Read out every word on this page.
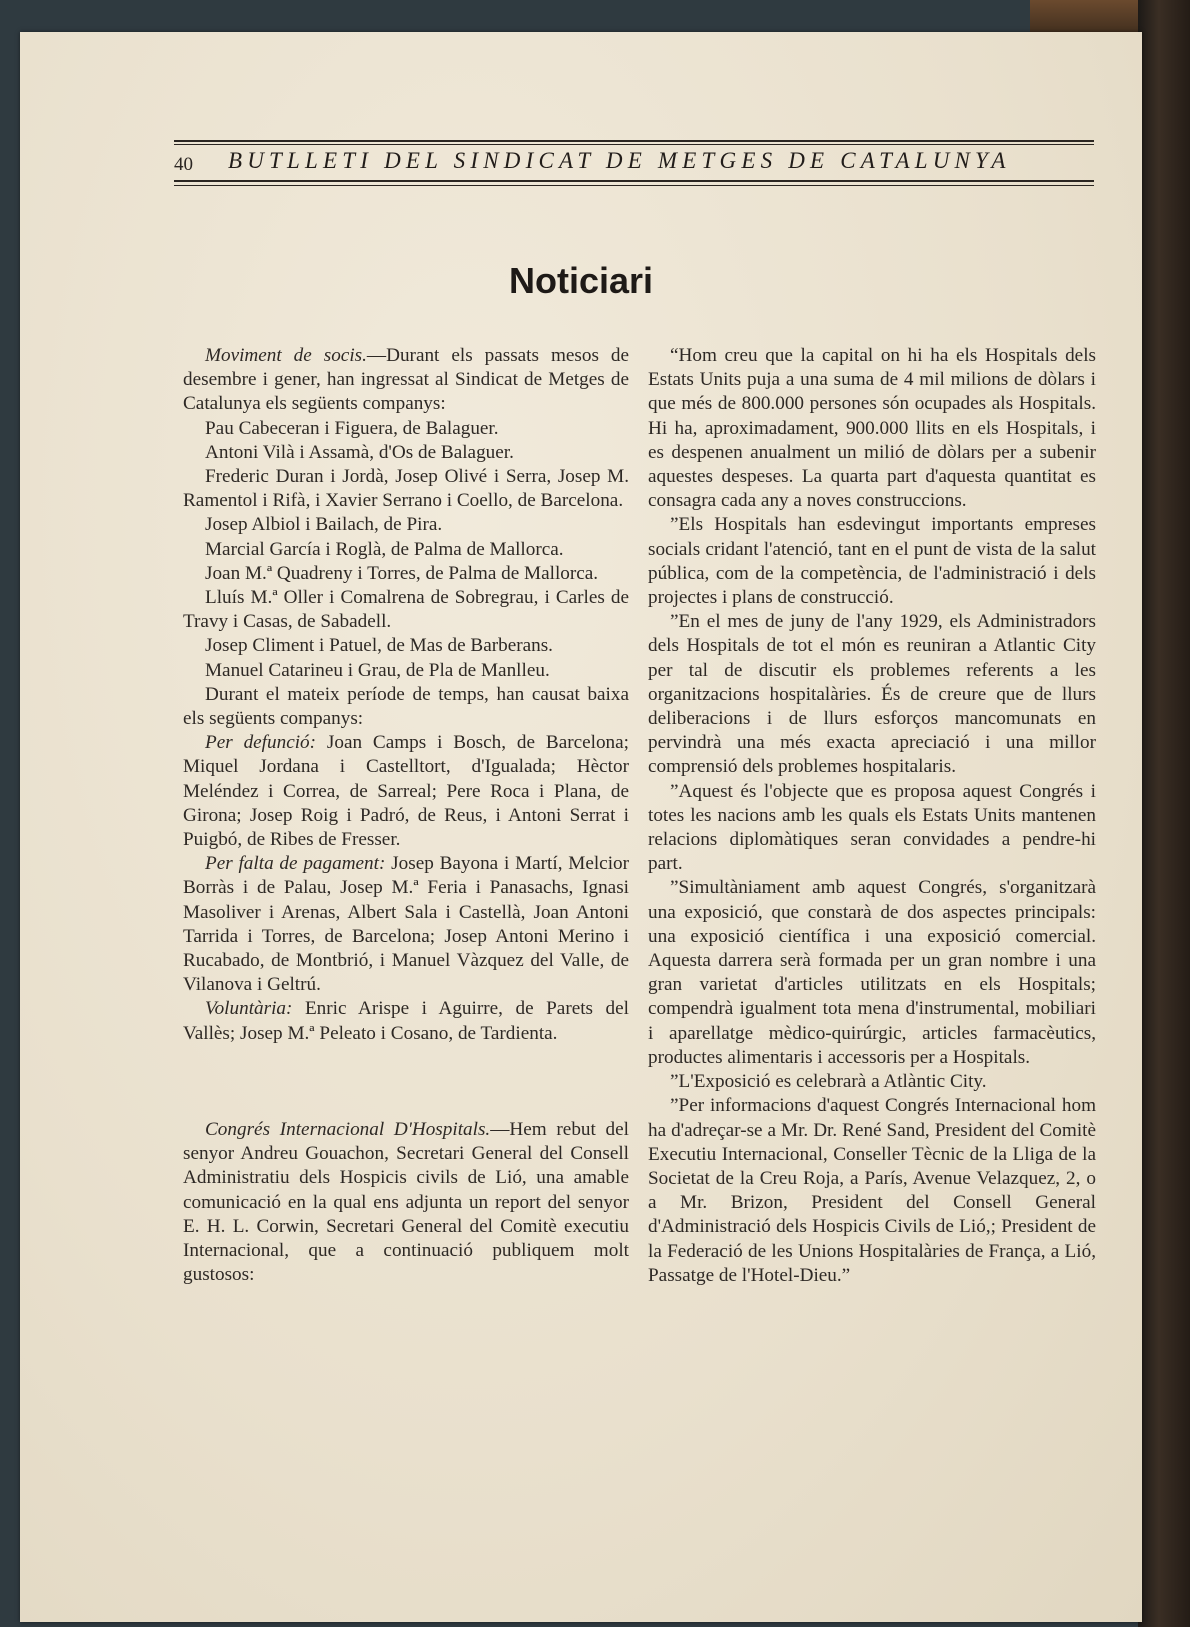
40 BUTLLETI DEL SINDICAT DE METGES DE CATALUNYA
Noticiari

Moviment de socis.—Durant els passats mesos de desembre i gener, han ingressat al Sindicat de Metges de Catalunya els següents companys:

Pau Cabeceran i Figuera, de Balaguer.

Antoni Vilà i Assamà, d'Os de Balaguer.

Frederic Duran i Jordà, Josep Olivé i Serra, Josep M. Ramentol i Rifà, i Xavier Serrano i Coello, de Barcelona.

Josep Albiol i Bailach, de Pira.

Marcial García i Roglà, de Palma de Mallorca.

Joan M.ª Quadreny i Torres, de Palma de Mallorca.

Lluís M.ª Oller i Comalrena de Sobregrau, i Carles de Travy i Casas, de Sabadell.

Josep Climent i Patuel, de Mas de Barberans.

Manuel Catarineu i Grau, de Pla de Manlleu.

Durant el mateix període de temps, han causat baixa els següents companys:

Per defunció: Joan Camps i Bosch, de Barcelona; Miquel Jordana i Castelltort, d'Igualada; Hèctor Meléndez i Correa, de Sarreal; Pere Roca i Plana, de Girona; Josep Roig i Padró, de Reus, i Antoni Serrat i Puigbó, de Ribes de Fresser.

Per falta de pagament: Josep Bayona i Martí, Melcior Borràs i de Palau, Josep M.ª Feria i Panasachs, Ignasi Masoliver i Arenas, Albert Sala i Castellà, Joan Antoni Tarrida i Torres, de Barcelona; Josep Antoni Merino i Rucabado, de Montbrió, i Manuel Vàzquez del Valle, de Vilanova i Geltrú.

Voluntària: Enric Arispe i Aguirre, de Parets del Vallès; Josep M.ª Peleato i Cosano, de Tardienta.

Congrés Internacional D'Hospitals.—Hem rebut del senyor Andreu Gouachon, Secretari General del Consell Administratiu dels Hospicis civils de Lió, una amable comunicació en la qual ens adjunta un report del senyor E. H. L. Corwin, Secretari General del Comitè executiu Internacional, que a continuació publiquem molt gustosos:

“Hom creu que la capital on hi ha els Hospitals dels Estats Units puja a una suma de 4 mil milions de dòlars i que més de 800.000 persones són ocupades als Hospitals. Hi ha, aproximadament, 900.000 llits en els Hospitals, i es despenen anualment un milió de dòlars per a subenir aquestes despeses. La quarta part d'aquesta quantitat es consagra cada any a noves construccions.

”Els Hospitals han esdevingut importants empreses socials cridant l'atenció, tant en el punt de vista de la salut pública, com de la competència, de l'administració i dels projectes i plans de construcció.

”En el mes de juny de l'any 1929, els Administradors dels Hospitals de tot el món es reuniran a Atlantic City per tal de discutir els problemes referents a les organitzacions hospitalàries. És de creure que de llurs deliberacions i de llurs esforços mancomunats en pervindrà una més exacta apreciació i una millor comprensió dels problemes hospitalaris.

”Aquest és l'objecte que es proposa aquest Congrés i totes les nacions amb les quals els Estats Units mantenen relacions diplomàtiques seran convidades a pendre-hi part.

”Simultàniament amb aquest Congrés, s'organitzarà una exposició, que constarà de dos aspectes principals: una exposició científica i una exposició comercial. Aquesta darrera serà formada per un gran nombre i una gran varietat d'articles utilitzats en els Hospitals; compendrà igualment tota mena d'instrumental, mobiliari i aparellatge mèdico-quirúrgic, articles farmacèutics, productes alimentaris i accessoris per a Hospitals.

”L'Exposició es celebrarà a Atlàntic City.

”Per informacions d'aquest Congrés Internacional hom ha d'adreçar-se a Mr. Dr. René Sand, President del Comitè Executiu Internacional, Conseller Tècnic de la Lliga de la Societat de la Creu Roja, a París, Avenue Velazquez, 2, o a Mr. Brizon, President del Consell General d'Administració dels Hospicis Civils de Lió,; President de la Federació de les Unions Hospitalàries de França, a Lió, Passatge de l'Hotel-Dieu.”
